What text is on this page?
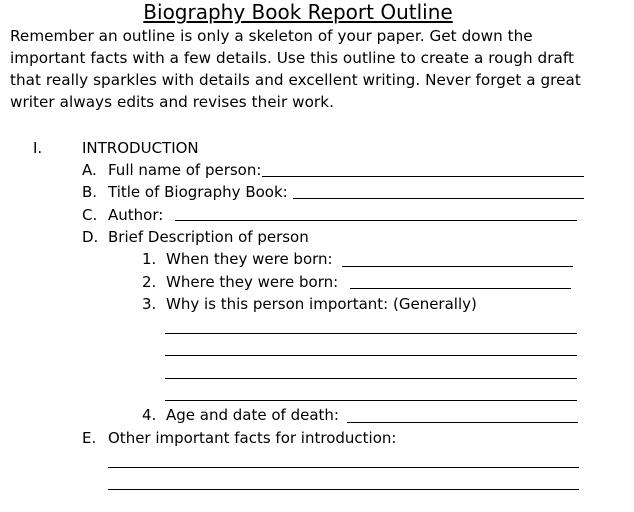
Biography Book Report Outline
Remember an outline is only a skeleton of your paper. Get down the
important facts with a few details. Use this outline to create a rough draft
that really sparkles with details and excellent writing. Never forget a great
writer always edits and revises their work.
I.	INTRODUCTION
A. Full name of person:
B. Title of Biography Book:
C. Author:
D. Brief Description of person
1. When they were born:
2. Where they were born:
3. Why is this person important: (Generally)
4. Age and date of death:
E. Other important facts for introduction:
